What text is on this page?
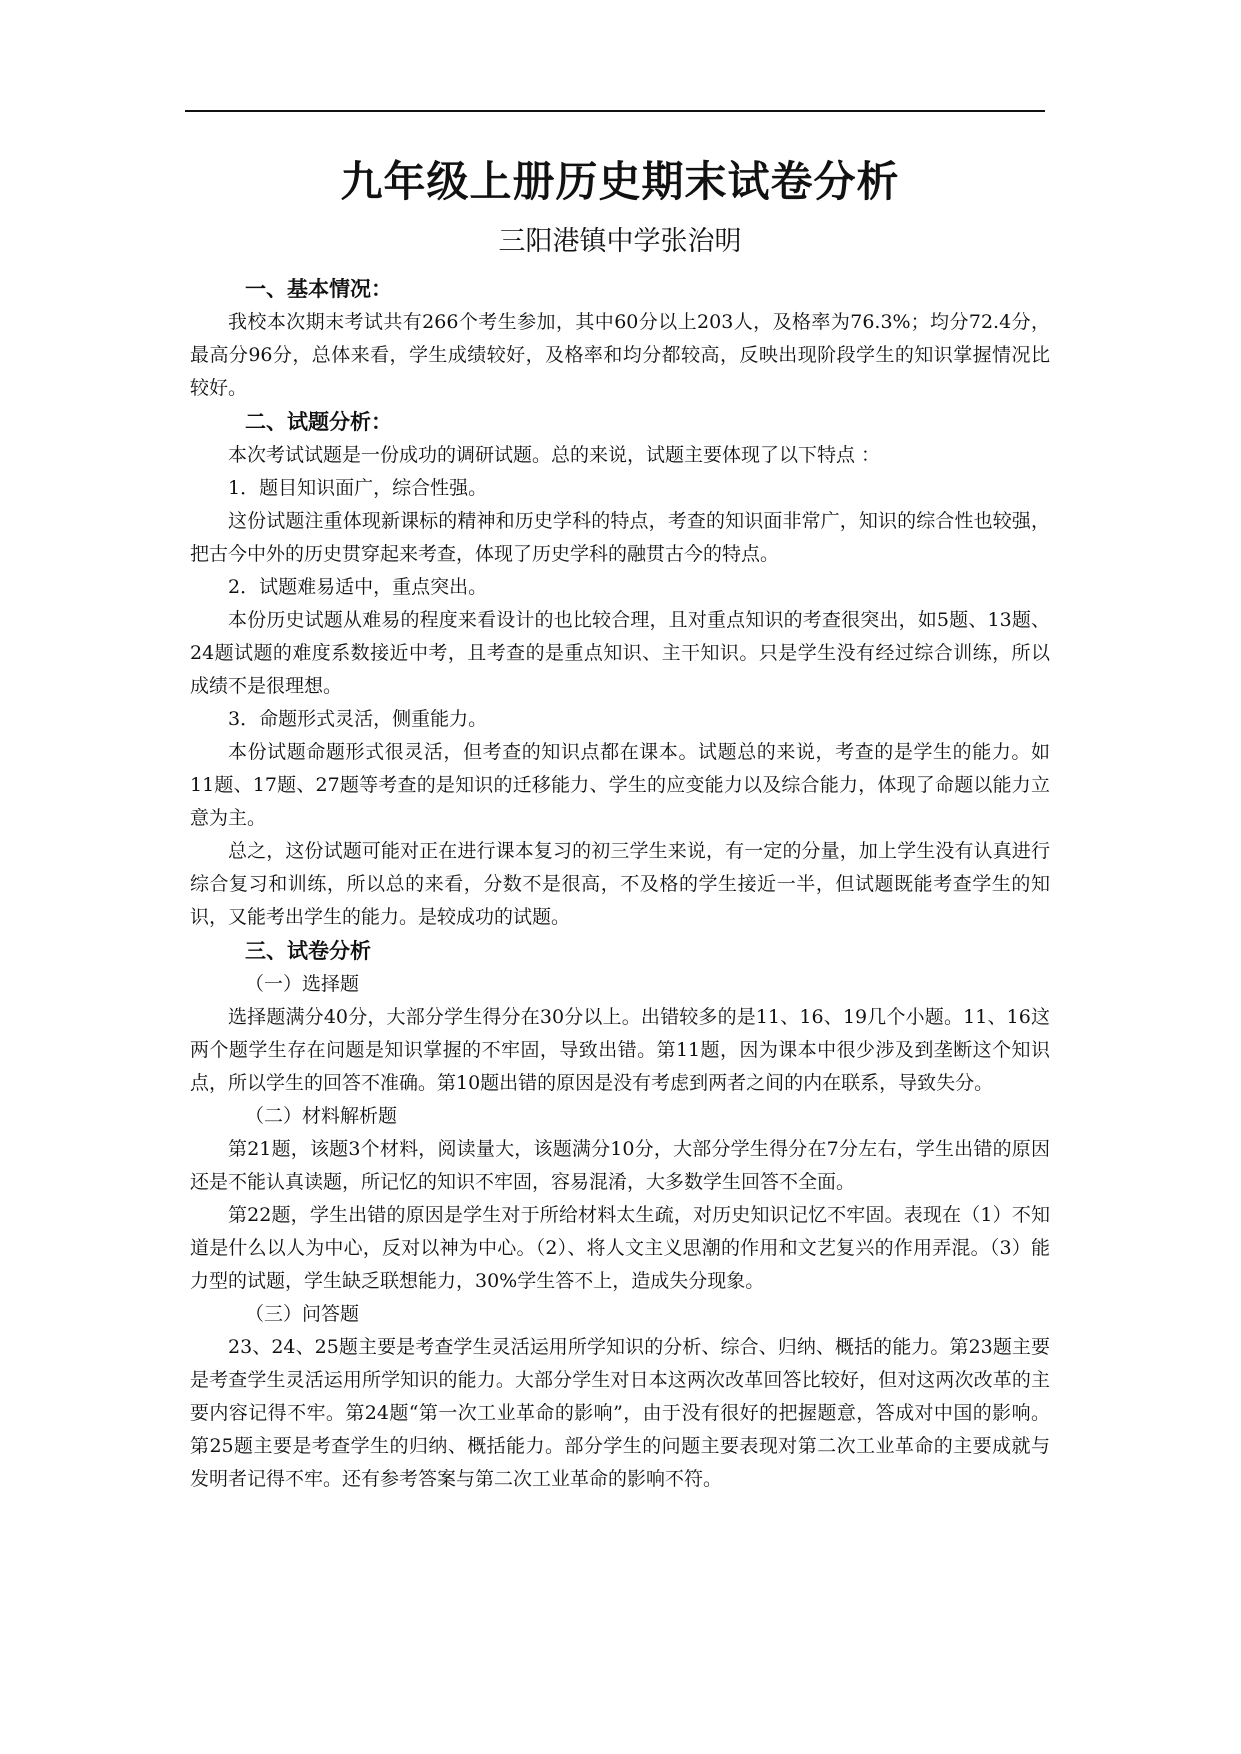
九年级上册历史期末试卷分析
三阳港镇中学张治明
一、基本情况：

我校本次期末考试共有266个考生参加，其中60分以上203人，及格率为76.3%；均分72.4分，最高分96分，总体来看，学生成绩较好，及格率和均分都较高，反映出现阶段学生的知识掌握情况比较好。

二、试题分析：

本次考试试题是一份成功的调研试题。总的来说，试题主要体现了以下特点 ：

1．题目知识面广，综合性强。

这份试题注重体现新课标的精神和历史学科的特点，考查的知识面非常广，知识的综合性也较强，把古今中外的历史贯穿起来考查，体现了历史学科的融贯古今的特点。

2．试题难易适中，重点突出。

本份历史试题从难易的程度来看设计的也比较合理，且对重点知识的考查很突出，如5题、13题、24题试题的难度系数接近中考，且考查的是重点知识、主干知识。只是学生没有经过综合训练，所以成绩不是很理想。

3．命题形式灵活，侧重能力。

本份试题命题形式很灵活，但考查的知识点都在课本。试题总的来说，考查的是学生的能力。如11题、17题、27题等考查的是知识的迁移能力、学生的应变能力以及综合能力，体现了命题以能力立意为主。

总之，这份试题可能对正在进行课本复习的初三学生来说，有一定的分量，加上学生没有认真进行综合复习和训练，所以总的来看，分数不是很高，不及格的学生接近一半，但试题既能考查学生的知识，又能考出学生的能力。是较成功的试题。

三、试卷分析
（一）选择题

选择题满分40分，大部分学生得分在30分以上。出错较多的是11、16、19几个小题。11、16这两个题学生存在问题是知识掌握的不牢固，导致出错。第11题，因为课本中很少涉及到垄断这个知识点，所以学生的回答不准确。第10题出错的原因是没有考虑到两者之间的内在联系，导致失分。

（二）材料解析题

第21题，该题3个材料，阅读量大，该题满分10分，大部分学生得分在7分左右，学生出错的原因还是不能认真读题，所记忆的知识不牢固，容易混淆，大多数学生回答不全面。

第22题，学生出错的原因是学生对于所给材料太生疏，对历史知识记忆不牢固。表现在（1）不知道是什么以人为中心，反对以神为中心。（2）、将人文主义思潮的作用和文艺复兴的作用弄混。（3）能力型的试题，学生缺乏联想能力，30%学生答不上，造成失分现象。

（三）问答题

23、24、25题主要是考查学生灵活运用所学知识的分析、综合、归纳、概括的能力。第23题主要是考查学生灵活运用所学知识的能力。大部分学生对日本这两次改革回答比较好，但对这两次改革的主要内容记得不牢。第24题“第一次工业革命的影响”，由于没有很好的把握题意，答成对中国的影响。第25题主要是考查学生的归纳、概括能力。部分学生的问题主要表现对第二次工业革命的主要成就与发明者记得不牢。还有参考答案与第二次工业革命的影响不符。
